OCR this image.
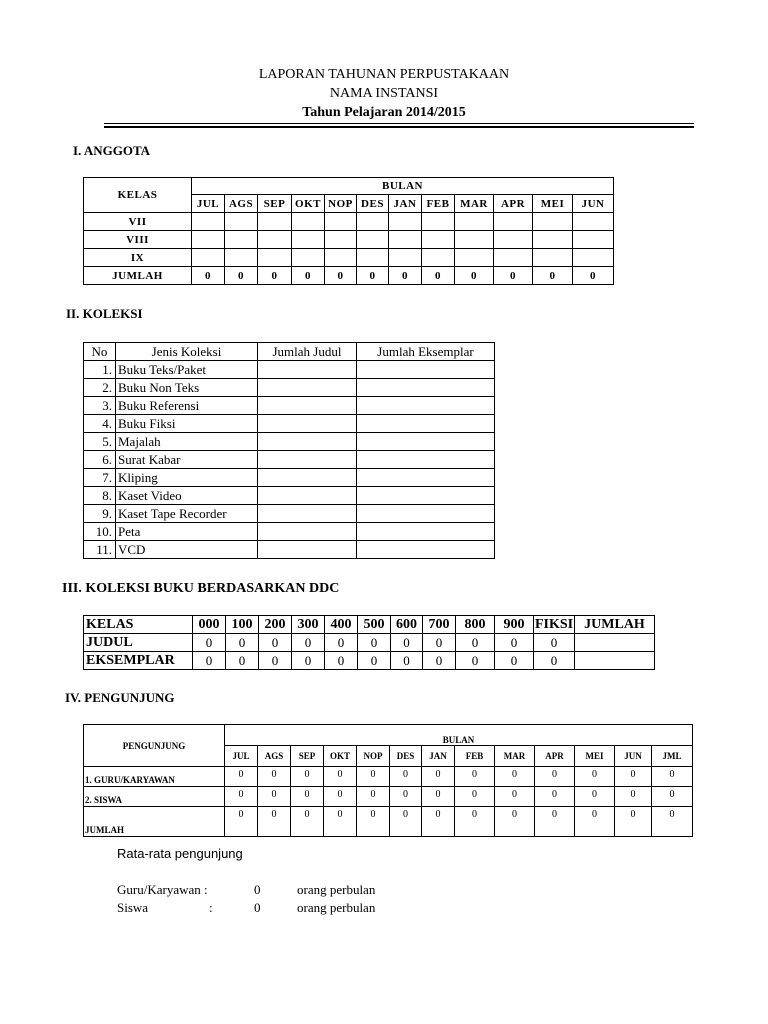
LAPORAN TAHUNAN PERPUSTAKAAN
NAMA INSTANSI
Tahun Pelajaran 2014/2015
I. ANGGOTA
KELAS	BULAN											
	JUL	AGS	SEP	OKT	NOP	DES	JAN	FEB	MAR	APR	MEI	JUN
VII												
VIII												
IX												
JUMLAH	0	0	0	0	0	0	0	0	0	0	0	0
II. KOLEKSI
No	Jenis Koleksi	Jumlah Judul	Jumlah Eksemplar
1.	Buku Teks/Paket		
2.	Buku Non Teks		
3.	Buku Referensi		
4.	Buku Fiksi		
5.	Majalah		
6.	Surat Kabar		
7.	Kliping		
8.	Kaset Video		
9.	Kaset Tape Recorder		
10.	Peta		
11.	VCD		
III. KOLEKSI BUKU BERDASARKAN DDC
KELAS	000	100	200	300	400	500	600	700	800	900	FIKSI	JUMLAH
JUDUL	0	0	0	0	0	0	0	0	0	0	0	
EKSEMPLAR	0	0	0	0	0	0	0	0	0	0	0	
IV. PENGUNJUNG
PENGUNJUNG	BULAN												
	JUL	AGS	SEP	OKT	NOP	DES	JAN	FEB	MAR	APR	MEI	JUN	JML
1. GURU/KARYAWAN	0	0	0	0	0	0	0	0	0	0	0	0	0
2. SISWA	0	0	0	0	0	0	0	0	0	0	0	0	0
JUMLAH	0	0	0	0	0	0	0	0	0	0	0	0	0
Rata-rata pengunjung
Guru/Karyawan :	0	orang perbulan
Siswa	:	0	orang perbulan
